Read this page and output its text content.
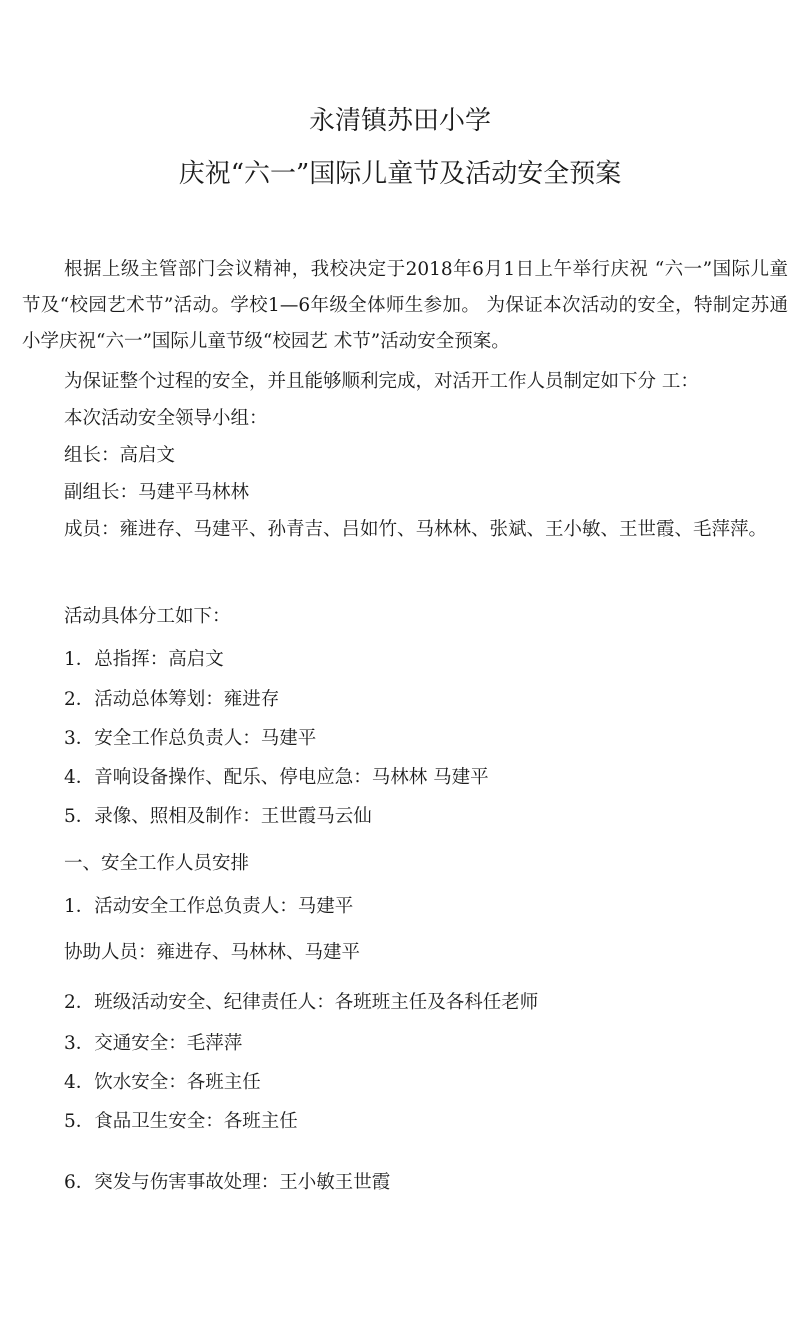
永清镇苏田小学
庆祝“六一”国际儿童节及活动安全预案
根据上级主管部门会议精神，我校决定于2018年6月1日上午举行庆祝 “六一”国际儿童节及“校园艺术节”活动。学校1—6年级全体师生参加。 为保证本次活动的安全，特制定苏通小学庆祝“六一”国际儿童节级“校园艺 术节”活动安全预案。
为保证整个过程的安全，并且能够顺利完成，对活开工作人员制定如下分 工：
本次活动安全领导小组：
组长：高启文
副组长：马建平马林林
成员：雍进存、马建平、孙青吉、吕如竹、马林林、张斌、王小敏、王世霞、毛萍萍。
活动具体分工如下：
1．总指挥：高启文
2．活动总体筹划：雍进存
3．安全工作总负责人：马建平
4．音响设备操作、配乐、停电应急：马林林 马建平
5．录像、照相及制作：王世霞马云仙
一、安全工作人员安排
1．活动安全工作总负责人：马建平
协助人员：雍进存、马林林、马建平
2．班级活动安全、纪律责任人：各班班主任及各科任老师
3．交通安全：毛萍萍
4．饮水安全：各班主任
5．食品卫生安全：各班主任
6．突发与伤害事故处理：王小敏王世霞
